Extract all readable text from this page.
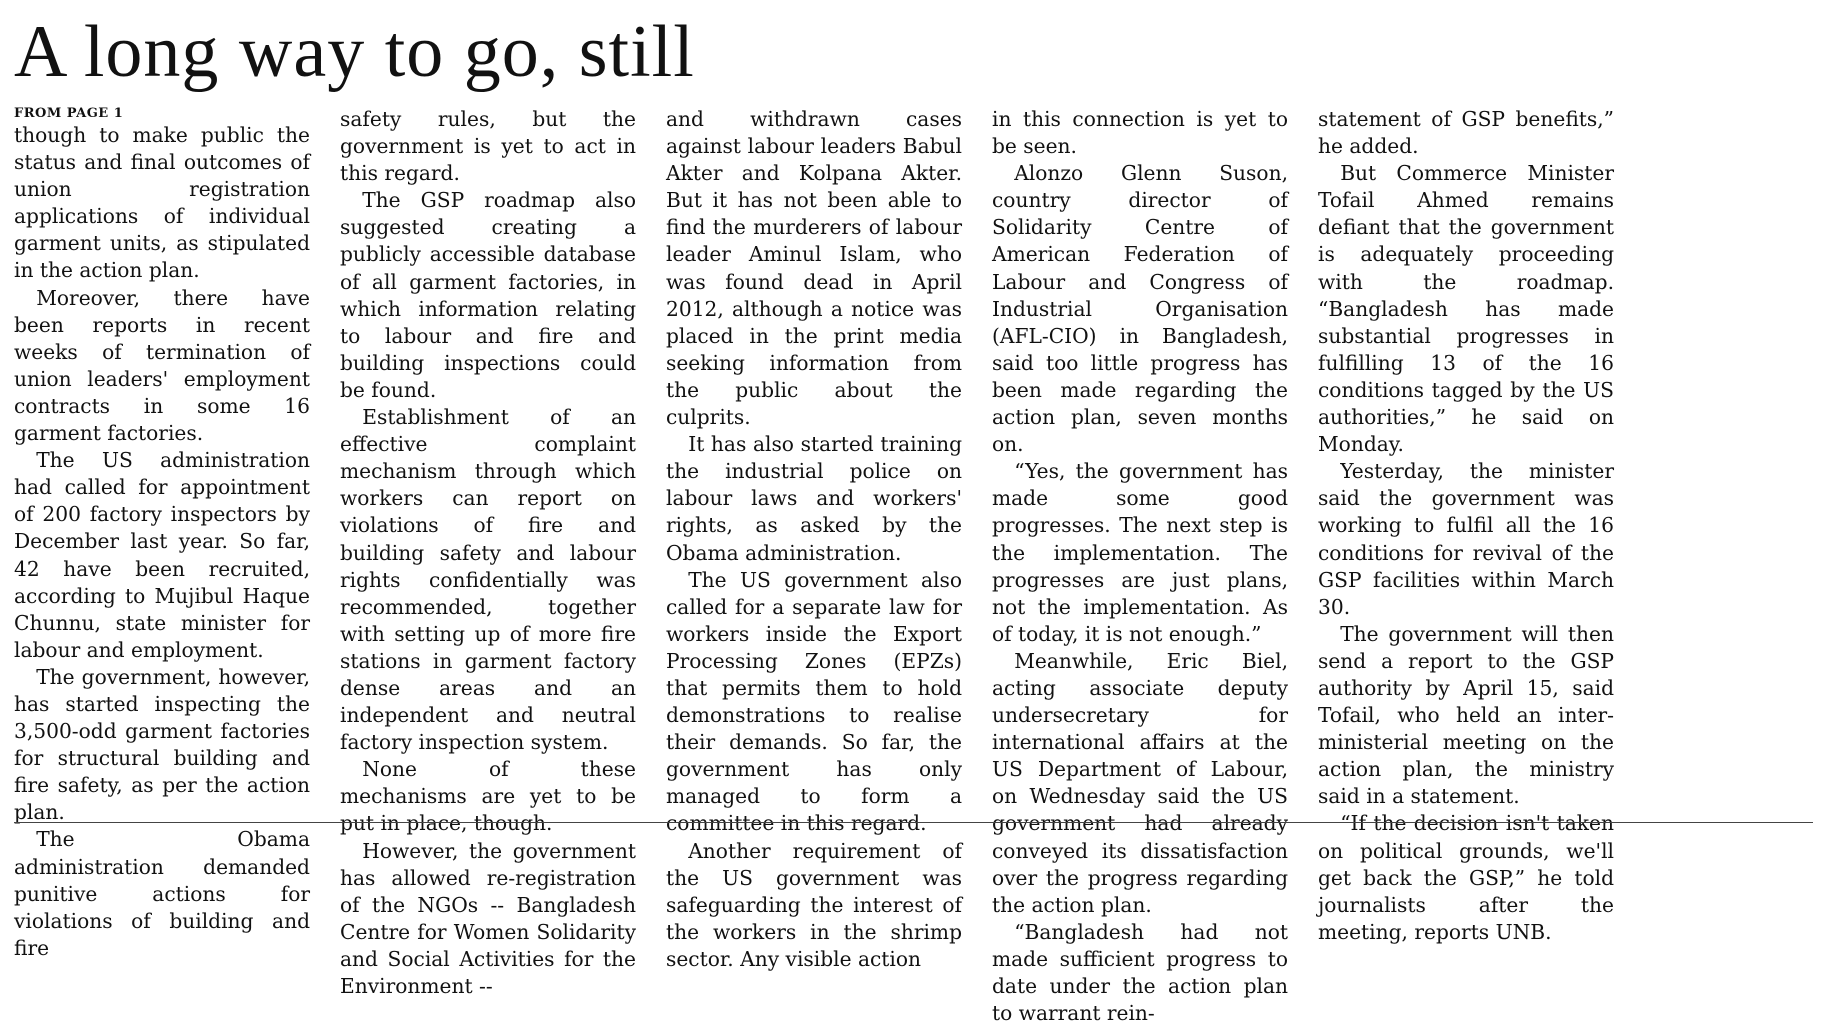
A long way to go, still
FROM PAGE 1

though to make public the status and final outcomes of union registration applications of individual garment units, as stipulated in the action plan.

Moreover, there have been reports in recent weeks of termination of union leaders' employment contracts in some 16 garment factories.

The US administration had called for appointment of 200 factory inspectors by December last year. So far, 42 have been recruited, according to Mujibul Haque Chunnu, state minister for labour and employment.

The government, however, has started inspecting the 3,500-odd garment factories for structural building and fire safety, as per the action plan.

The Obama administration demanded punitive actions for violations of building and fire

safety rules, but the government is yet to act in this regard.

The GSP roadmap also suggested creating a publicly accessible database of all garment factories, in which information relating to labour and fire and building inspections could be found.

Establishment of an effective complaint mechanism through which workers can report on violations of fire and building safety and labour rights confidentially was recommended, together with setting up of more fire stations in garment factory dense areas and an independent and neutral factory inspection system.

None of these mechanisms are yet to be put in place, though.

However, the government has allowed re-registration of the NGOs -- Bangladesh Centre for Women Solidarity and Social Activities for the Environment --

and withdrawn cases against labour leaders Babul Akter and Kolpana Akter. But it has not been able to find the murderers of labour leader Aminul Islam, who was found dead in April 2012, although a notice was placed in the print media seeking information from the public about the culprits.

It has also started training the industrial police on labour laws and workers' rights, as asked by the Obama administration.

The US government also called for a separate law for workers inside the Export Processing Zones (EPZs) that permits them to hold demonstrations to realise their demands. So far, the government has only managed to form a committee in this regard.

Another requirement of the US government was safeguarding the interest of the workers in the shrimp sector. Any visible action

in this connection is yet to be seen.

Alonzo Glenn Suson, country director of Solidarity Centre of American Federation of Labour and Congress of Industrial Organisation (AFL-CIO) in Bangladesh, said too little progress has been made regarding the action plan, seven months on.

“Yes, the government has made some good progresses. The next step is the implementation. The progresses are just plans, not the implementation. As of today, it is not enough.”

Meanwhile, Eric Biel, acting associate deputy undersecretary for international affairs at the US Department of Labour, on Wednesday said the US government had already conveyed its dissatisfaction over the progress regarding the action plan.

“Bangladesh had not made sufficient progress to date under the action plan to warrant rein-

statement of GSP benefits,” he added.

But Commerce Minister Tofail Ahmed remains defiant that the government is adequately proceeding with the roadmap. “Bangladesh has made substantial progresses in fulfilling 13 of the 16 conditions tagged by the US authorities,” he said on Monday.

Yesterday, the minister said the government was working to fulfil all the 16 conditions for revival of the GSP facilities within March 30.

The government will then send a report to the GSP authority by April 15, said Tofail, who held an inter-ministerial meeting on the action plan, the ministry said in a statement.

“If the decision isn't taken on political grounds, we'll get back the GSP,” he told journalists after the meeting, reports UNB.
